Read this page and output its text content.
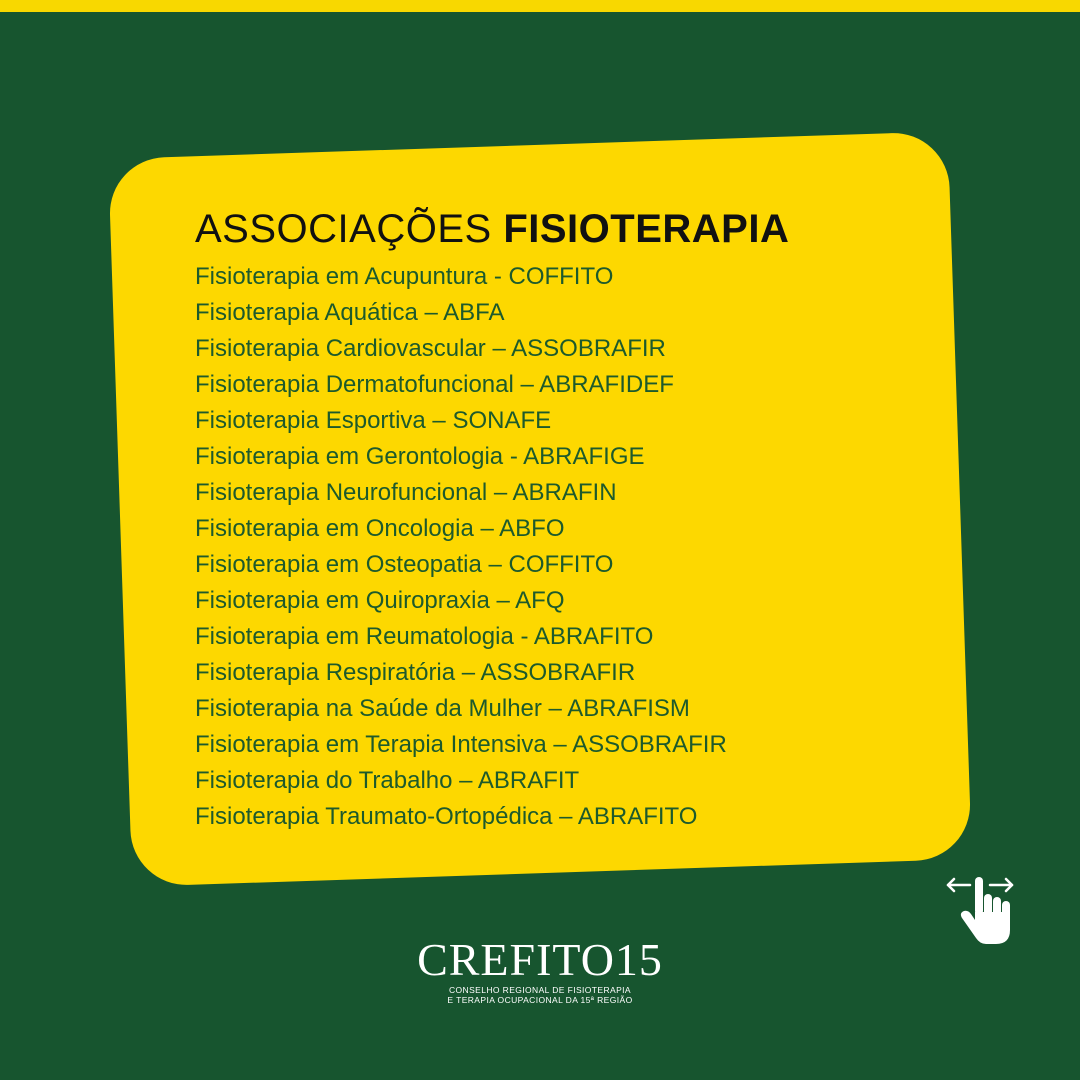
ASSOCIAÇÕES FISIOTERAPIA
Fisioterapia em Acupuntura - COFFITO
Fisioterapia Aquática – ABFA
Fisioterapia Cardiovascular – ASSOBRAFIR
Fisioterapia Dermatofuncional – ABRAFIDEF
Fisioterapia Esportiva – SONAFE
Fisioterapia em Gerontologia - ABRAFIGE
Fisioterapia Neurofuncional – ABRAFIN
Fisioterapia em Oncologia – ABFO
Fisioterapia em Osteopatia – COFFITO
Fisioterapia em Quiropraxia – AFQ
Fisioterapia em Reumatologia - ABRAFITO
Fisioterapia Respiratória – ASSOBRAFIR
Fisioterapia na Saúde da Mulher – ABRAFISM
Fisioterapia em Terapia Intensiva – ASSOBRAFIR
Fisioterapia do Trabalho – ABRAFIT
Fisioterapia Traumato-Ortopédica – ABRAFITO
CREFITO15
CONSELHO REGIONAL DE FISIOTERAPIA
E TERAPIA OCUPACIONAL DA 15ª REGIÃO
